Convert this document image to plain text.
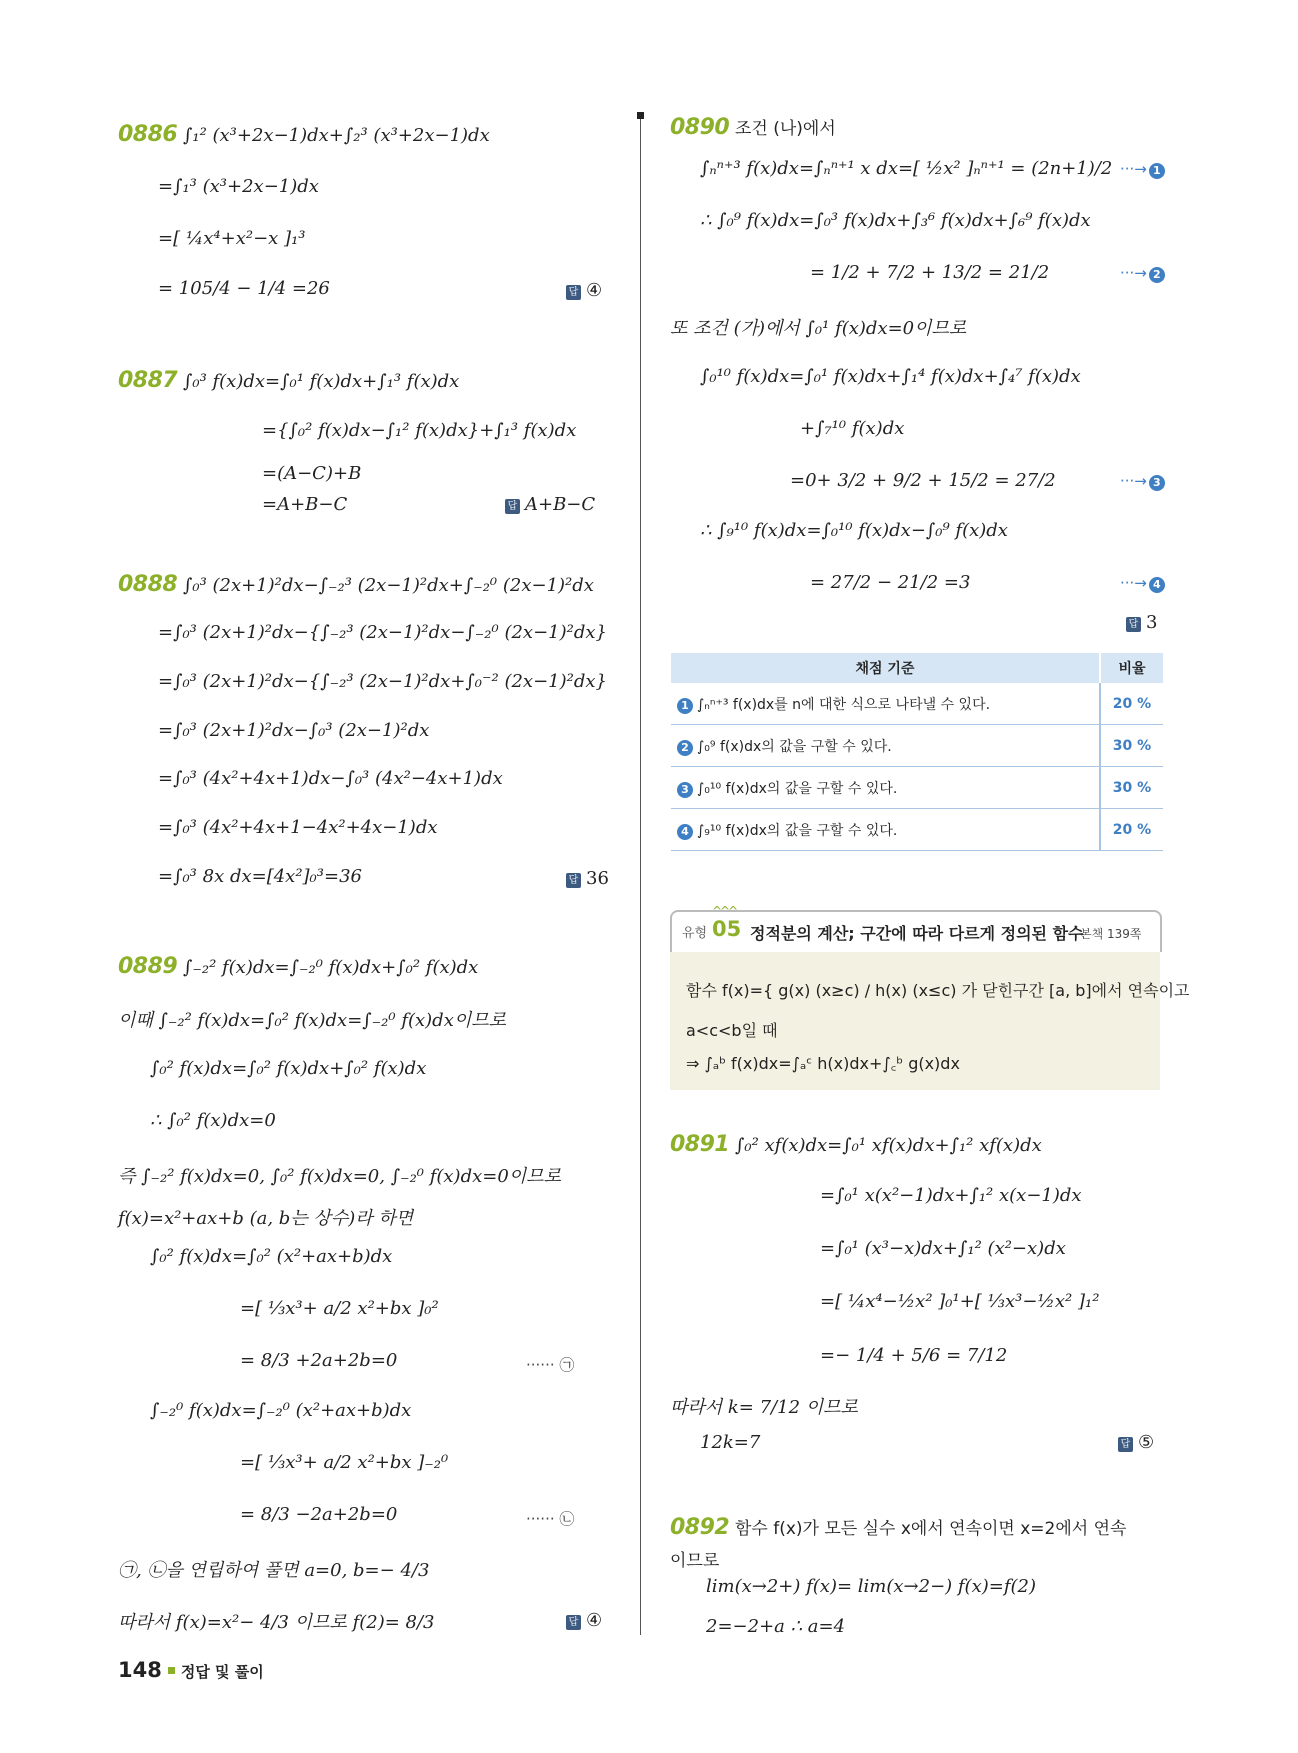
0886 ∫₁² (x³+2x−1)dx+∫₂³ (x³+2x−1)dx
=∫₁³ (x³+2x−1)dx
=[ ¼x⁴+x²−x ]₁³
= 105/4 − 1/4 =26	답 ④
0887 ∫₀³ f(x)dx=∫₀¹ f(x)dx+∫₁³ f(x)dx
={∫₀² f(x)dx−∫₁² f(x)dx}+∫₁³ f(x)dx
=(A−C)+B
=A+B−C	답 A+B−C
0888 ∫₀³ (2x+1)²dx−∫₋₂³ (2x−1)²dx+∫₋₂⁰ (2x−1)²dx
=∫₀³ (2x+1)²dx−{∫₋₂³ (2x−1)²dx−∫₋₂⁰ (2x−1)²dx}
=∫₀³ (2x+1)²dx−{∫₋₂³ (2x−1)²dx+∫₀⁻² (2x−1)²dx}
=∫₀³ (2x+1)²dx−∫₀³ (2x−1)²dx
=∫₀³ (4x²+4x+1)dx−∫₀³ (4x²−4x+1)dx
=∫₀³ (4x²+4x+1−4x²+4x−1)dx
=∫₀³ 8x dx=[4x²]₀³=36	답 36
0889 ∫₋₂² f(x)dx=∫₋₂⁰ f(x)dx+∫₀² f(x)dx
이때 ∫₋₂² f(x)dx=∫₀² f(x)dx=∫₋₂⁰ f(x)dx이므로
∫₀² f(x)dx=∫₀² f(x)dx+∫₀² f(x)dx
∴ ∫₀² f(x)dx=0
즉 ∫₋₂² f(x)dx=0, ∫₀² f(x)dx=0, ∫₋₂⁰ f(x)dx=0이므로
f(x)=x²+ax+b (a, b는 상수)라 하면
∫₀² f(x)dx=∫₀² (x²+ax+b)dx
=[ ⅓x³+ a/2 x²+bx ]₀²
= 8/3 +2a+2b=0	······ ㉠
∫₋₂⁰ f(x)dx=∫₋₂⁰ (x²+ax+b)dx
=[ ⅓x³+ a/2 x²+bx ]₋₂⁰
= 8/3 −2a+2b=0	······ ㉡
㉠, ㉡을 연립하여 풀면 a=0, b=− 4/3
따라서 f(x)=x²− 4/3 이므로 f(2)= 8/3	답 ④
0890 조건 (나)에서
∫ₙⁿ⁺³ f(x)dx=∫ₙⁿ⁺¹ x dx=[ ½x² ]ₙⁿ⁺¹ = (2n+1)/2 ···→ 1
∴ ∫₀⁹ f(x)dx=∫₀³ f(x)dx+∫₃⁶ f(x)dx+∫₆⁹ f(x)dx
= 1/2 + 7/2 + 13/2 = 21/2	···→ 2
또 조건 (가)에서 ∫₀¹ f(x)dx=0이므로
∫₀¹⁰ f(x)dx=∫₀¹ f(x)dx+∫₁⁴ f(x)dx+∫₄⁷ f(x)dx
+∫₇¹⁰ f(x)dx
=0+ 3/2 + 9/2 + 15/2 = 27/2	···→ 3
∴ ∫₉¹⁰ f(x)dx=∫₀¹⁰ f(x)dx−∫₀⁹ f(x)dx
= 27/2 − 21/2 =3	···→ 4
답 3
채점 기준	비율
1 ∫ₙⁿ⁺³ f(x)dx를 n에 대한 식으로 나타낼 수 있다.	20 %
2 ∫₀⁹ f(x)dx의 값을 구할 수 있다.	30 %
3 ∫₀¹⁰ f(x)dx의 값을 구할 수 있다.	30 %
4 ∫₉¹⁰ f(x)dx의 값을 구할 수 있다.	20 %
^^^
유형 05 정적분의 계산; 구간에 따라 다르게 정의된 함수
본책 139쪽
함수 f(x)={ g(x) (x≥c) / h(x) (x≤c) 가 닫힌구간 [a, b]에서 연속이고
a<c<b일 때
⇒ ∫ₐᵇ f(x)dx=∫ₐᶜ h(x)dx+∫꜀ᵇ g(x)dx
0891 ∫₀² xf(x)dx=∫₀¹ xf(x)dx+∫₁² xf(x)dx
=∫₀¹ x(x²−1)dx+∫₁² x(x−1)dx
=∫₀¹ (x³−x)dx+∫₁² (x²−x)dx
=[ ¼x⁴−½x² ]₀¹+[ ⅓x³−½x² ]₁²
=− 1/4 + 5/6 = 7/12
따라서 k= 7/12 이므로
12k=7	답 ⑤
0892 함수 f(x)가 모든 실수 x에서 연속이면 x=2에서 연속
이므로
lim(x→2+) f(x)= lim(x→2−) f(x)=f(2)
2=−2+a ∴ a=4
148 정답 및 풀이
